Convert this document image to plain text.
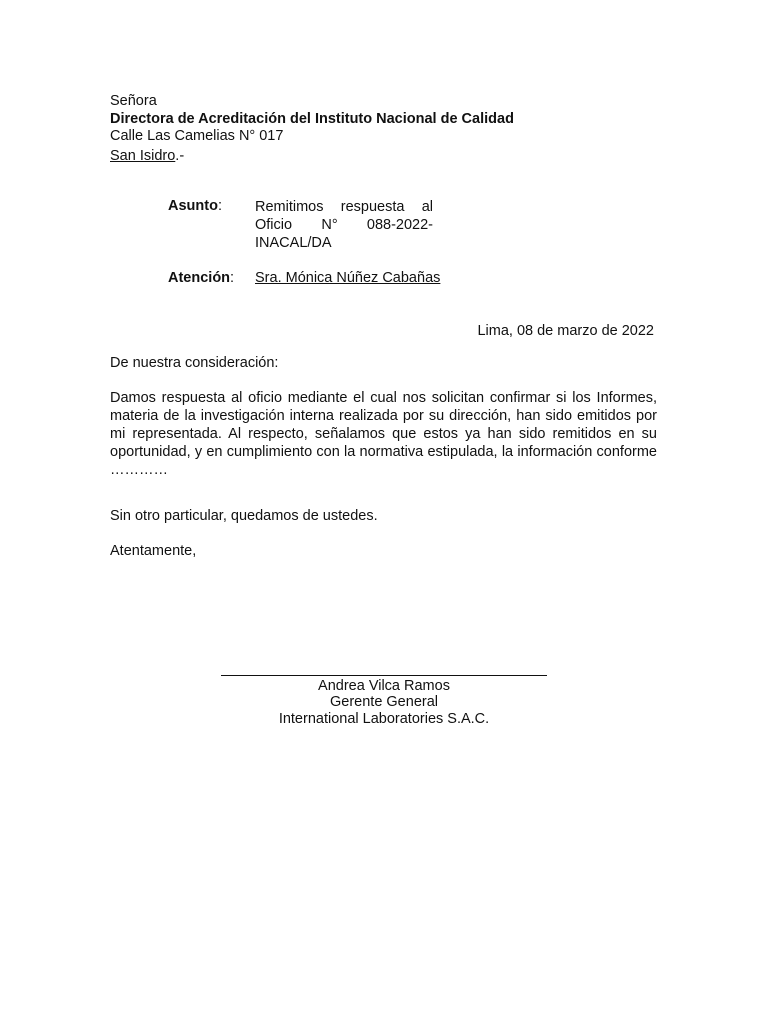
Señora
Directora de Acreditación del Instituto Nacional de Calidad
Calle Las Camelias N° 017
San Isidro.-
Asunto: Remitimos respuesta al Oficio N° 088-2022-
INACAL/DA
Atención: Sra. Mónica Núñez Cabañas
Lima, 08 de marzo de 2022
De nuestra consideración:
Damos respuesta al oficio mediante el cual nos solicitan confirmar si los Informes, materia de la investigación interna realizada por su dirección, han sido emitidos por mi representada. Al respecto, señalamos que estos ya han sido remitidos en su oportunidad, y en cumplimiento con la normativa estipulada, la información conforme …………
Sin otro particular, quedamos de ustedes.
Atentamente,
Andrea Vilca Ramos
Gerente General
International Laboratories S.A.C.
